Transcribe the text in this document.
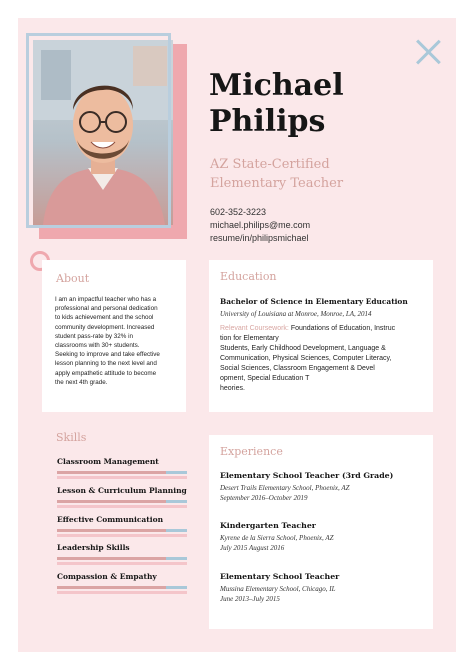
Michael
Philips
AZ State-Certified
Elementary Teacher
602-352-3223
michael.philips@me.com
resume/in/philipsmichael
About
I am an impactful teacher who has a
professional and personal dedication
to kids achievement and the school
community development. Increased
student pass-rate by 32% in
classrooms with 30+ students.
Seeking to improve and take effective
lesson planning to the next level and
apply empathetic attitude to become
the next 4th grade.
Education
Bachelor of Science in Elementary Education
University of Louisiana at Monroe, Monroe, LA, 2014
Relevant Coursework: Foundations of Education, Instruc
tion for Elementary
Students, Early Childhood Development, Language &
Communication, Physical Sciences, Computer Literacy,
Social Sciences, Classroom Engagement & Devel
opment, Special Education T
heories.
Skills
Classroom Management
Lesson & Curriculum Planning
Effective Communication
Leadership Skills
Compassion & Empathy
Experience
Elementary School Teacher (3rd Grade)
Desert Trails Elementary School, Phoenix, AZ
September 2016–October 2019
Kindergarten Teacher
Kyrene de la Sierra School, Phoenix, AZ
July 2015 August 2016
Elementary School Teacher
Mussina Elementary School, Chicago, IL
June 2013–July 2015
